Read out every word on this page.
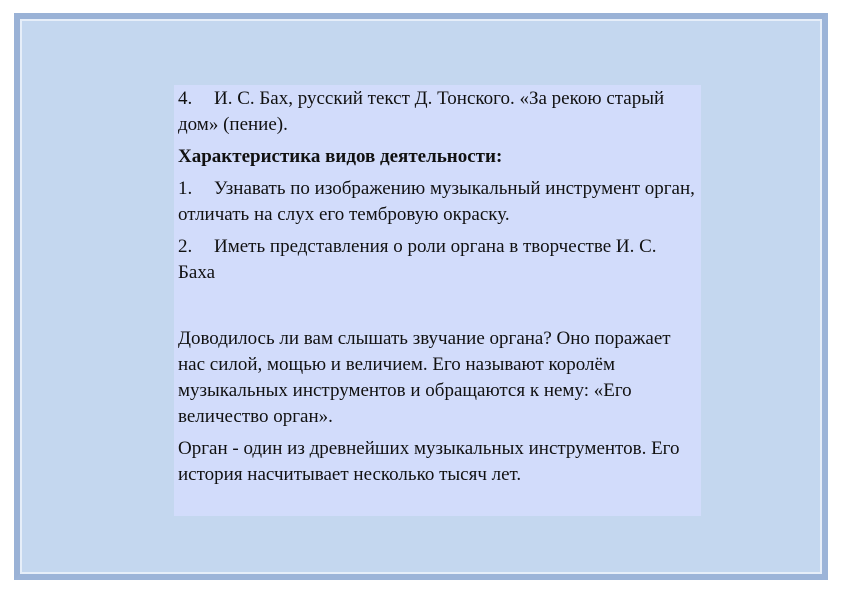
4. И. С. Бах, русский текст Д. Тонского. «За рекою старый дом» (пение).

Характеристика видов деятельности:

1. Узнавать по изображению музыкальный инструмент орган, отличать на слух его тембровую окраску.

2. Иметь представления о роли органа в творчестве И. С. Баха

Доводилось ли вам слышать звучание органа? Оно поражает нас силой, мощью и величием. Его называют королём музыкальных инструментов и обращаются к нему: «Его величество орган».

Орган - один из древнейших музыкальных инструментов. Его история насчитывает несколько тысяч лет.
